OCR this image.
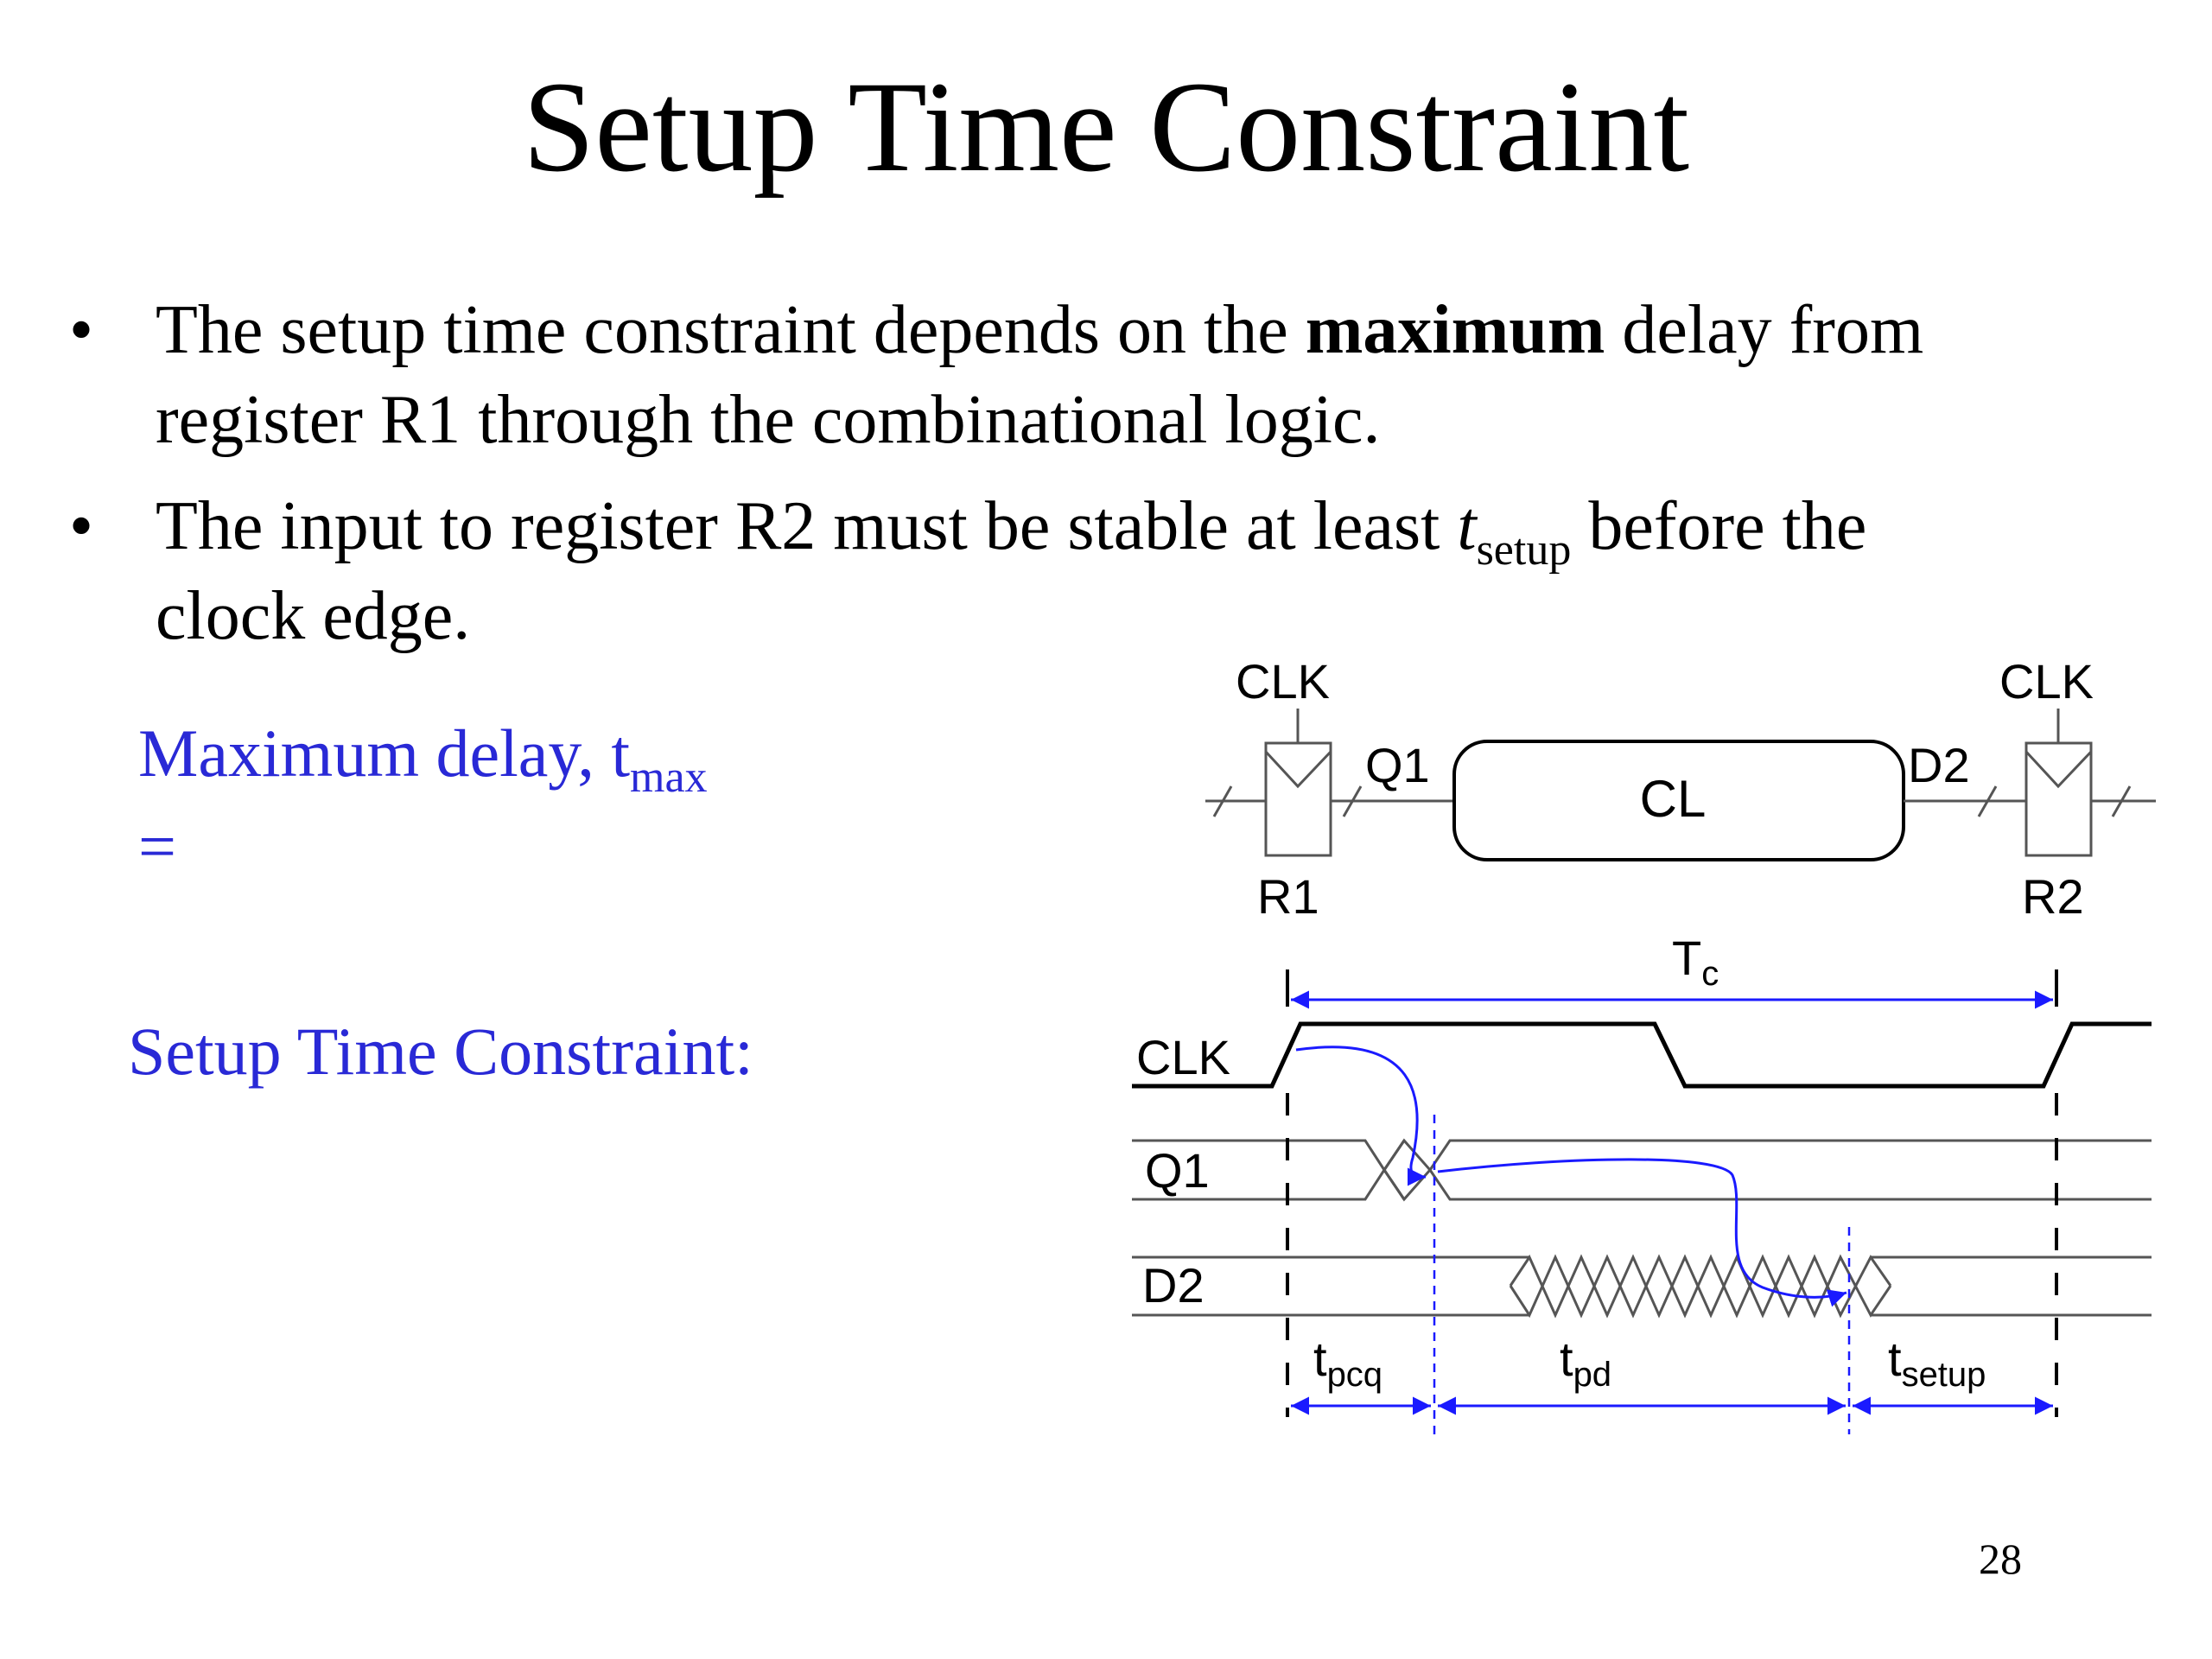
Setup Time Constraint
• The setup time constraint depends on the maximum delay from
register R1 through the combinational logic.
• The input to register R2 must be stable at least $t_{setup}$ before the
clock edge.
Maximum delay, $t_{max}$
=
Setup Time Constraint:
28
CLK	CLK
Q1	D2
CL
R1	R2
$T_c$
CLK
Q1
D2
$t_{pcq}$	$t_{pd}$	$t_{setup}$
